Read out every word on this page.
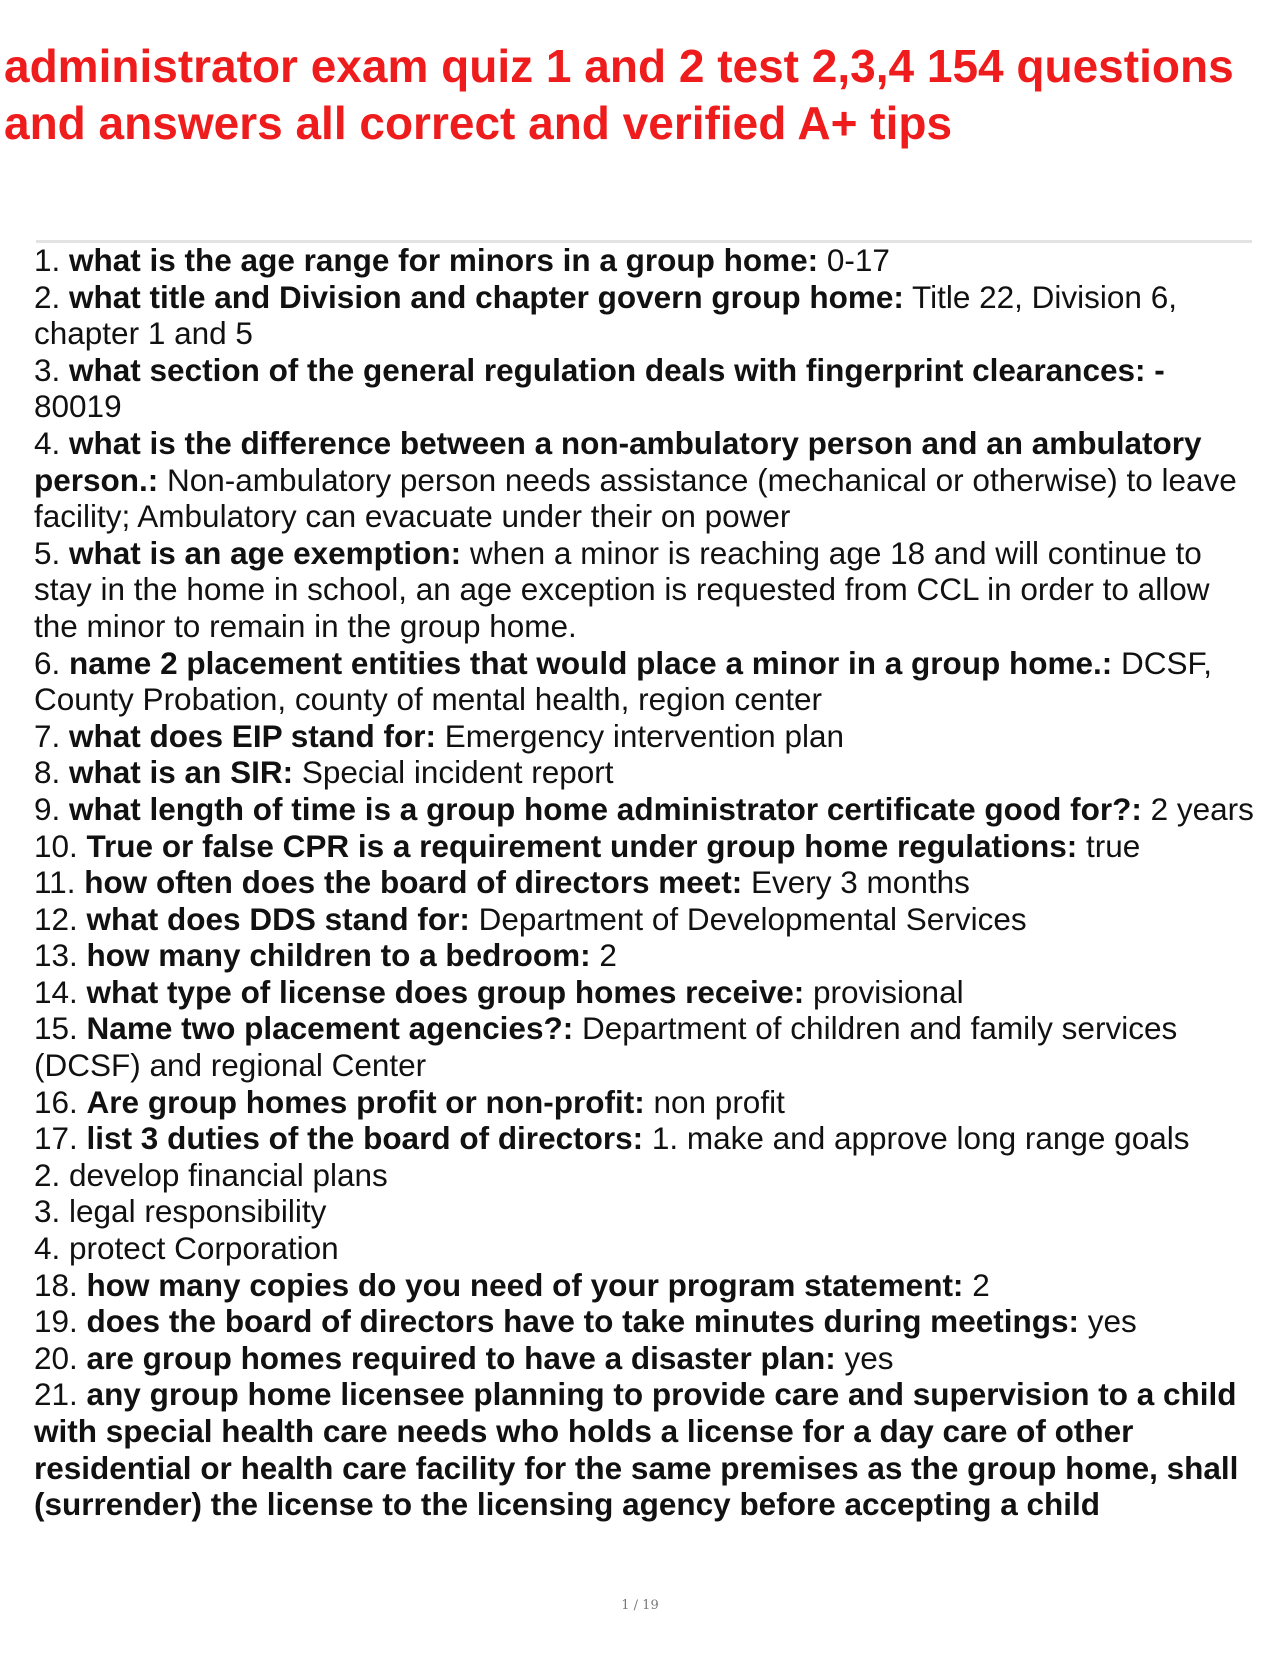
administrator exam quiz 1 and 2 test 2,3,4 154 questions and answers all correct and verified A+ tips
1. what is the age range for minors in a group home: 0-17
2. what title and Division and chapter govern group home: Title 22, Division 6, chapter 1 and 5
3. what section of the general regulation deals with fingerprint clearances: - 80019
4. what is the difference between a non-ambulatory person and an ambulatory person.: Non-ambulatory person needs assistance (mechanical or otherwise) to leave facility; Ambulatory can evacuate under their on power
5. what is an age exemption: when a minor is reaching age 18 and will continue to stay in the home in school, an age exception is requested from CCL in order to allow the minor to remain in the group home.
6. name 2 placement entities that would place a minor in a group home.: DCSF, County Probation, county of mental health, region center
7. what does EIP stand for: Emergency intervention plan
8. what is an SIR: Special incident report
9. what length of time is a group home administrator certificate good for?: 2 years
10. True or false CPR is a requirement under group home regulations: true
11. how often does the board of directors meet: Every 3 months
12. what does DDS stand for: Department of Developmental Services
13. how many children to a bedroom: 2
14. what type of license does group homes receive: provisional
15. Name two placement agencies?: Department of children and family services (DCSF) and regional Center
16. Are group homes profit or non-profit: non profit
17. list 3 duties of the board of directors: 1. make and approve long range goals
2. develop financial plans
3. legal responsibility
4. protect Corporation
18. how many copies do you need of your program statement: 2
19. does the board of directors have to take minutes during meetings: yes
20. are group homes required to have a disaster plan: yes
21. any group home licensee planning to provide care and supervision to a child with special health care needs who holds a license for a day care of other residential or health care facility for the same premises as the group home, shall (surrender) the license to the licensing agency before accepting a child
1 / 19
